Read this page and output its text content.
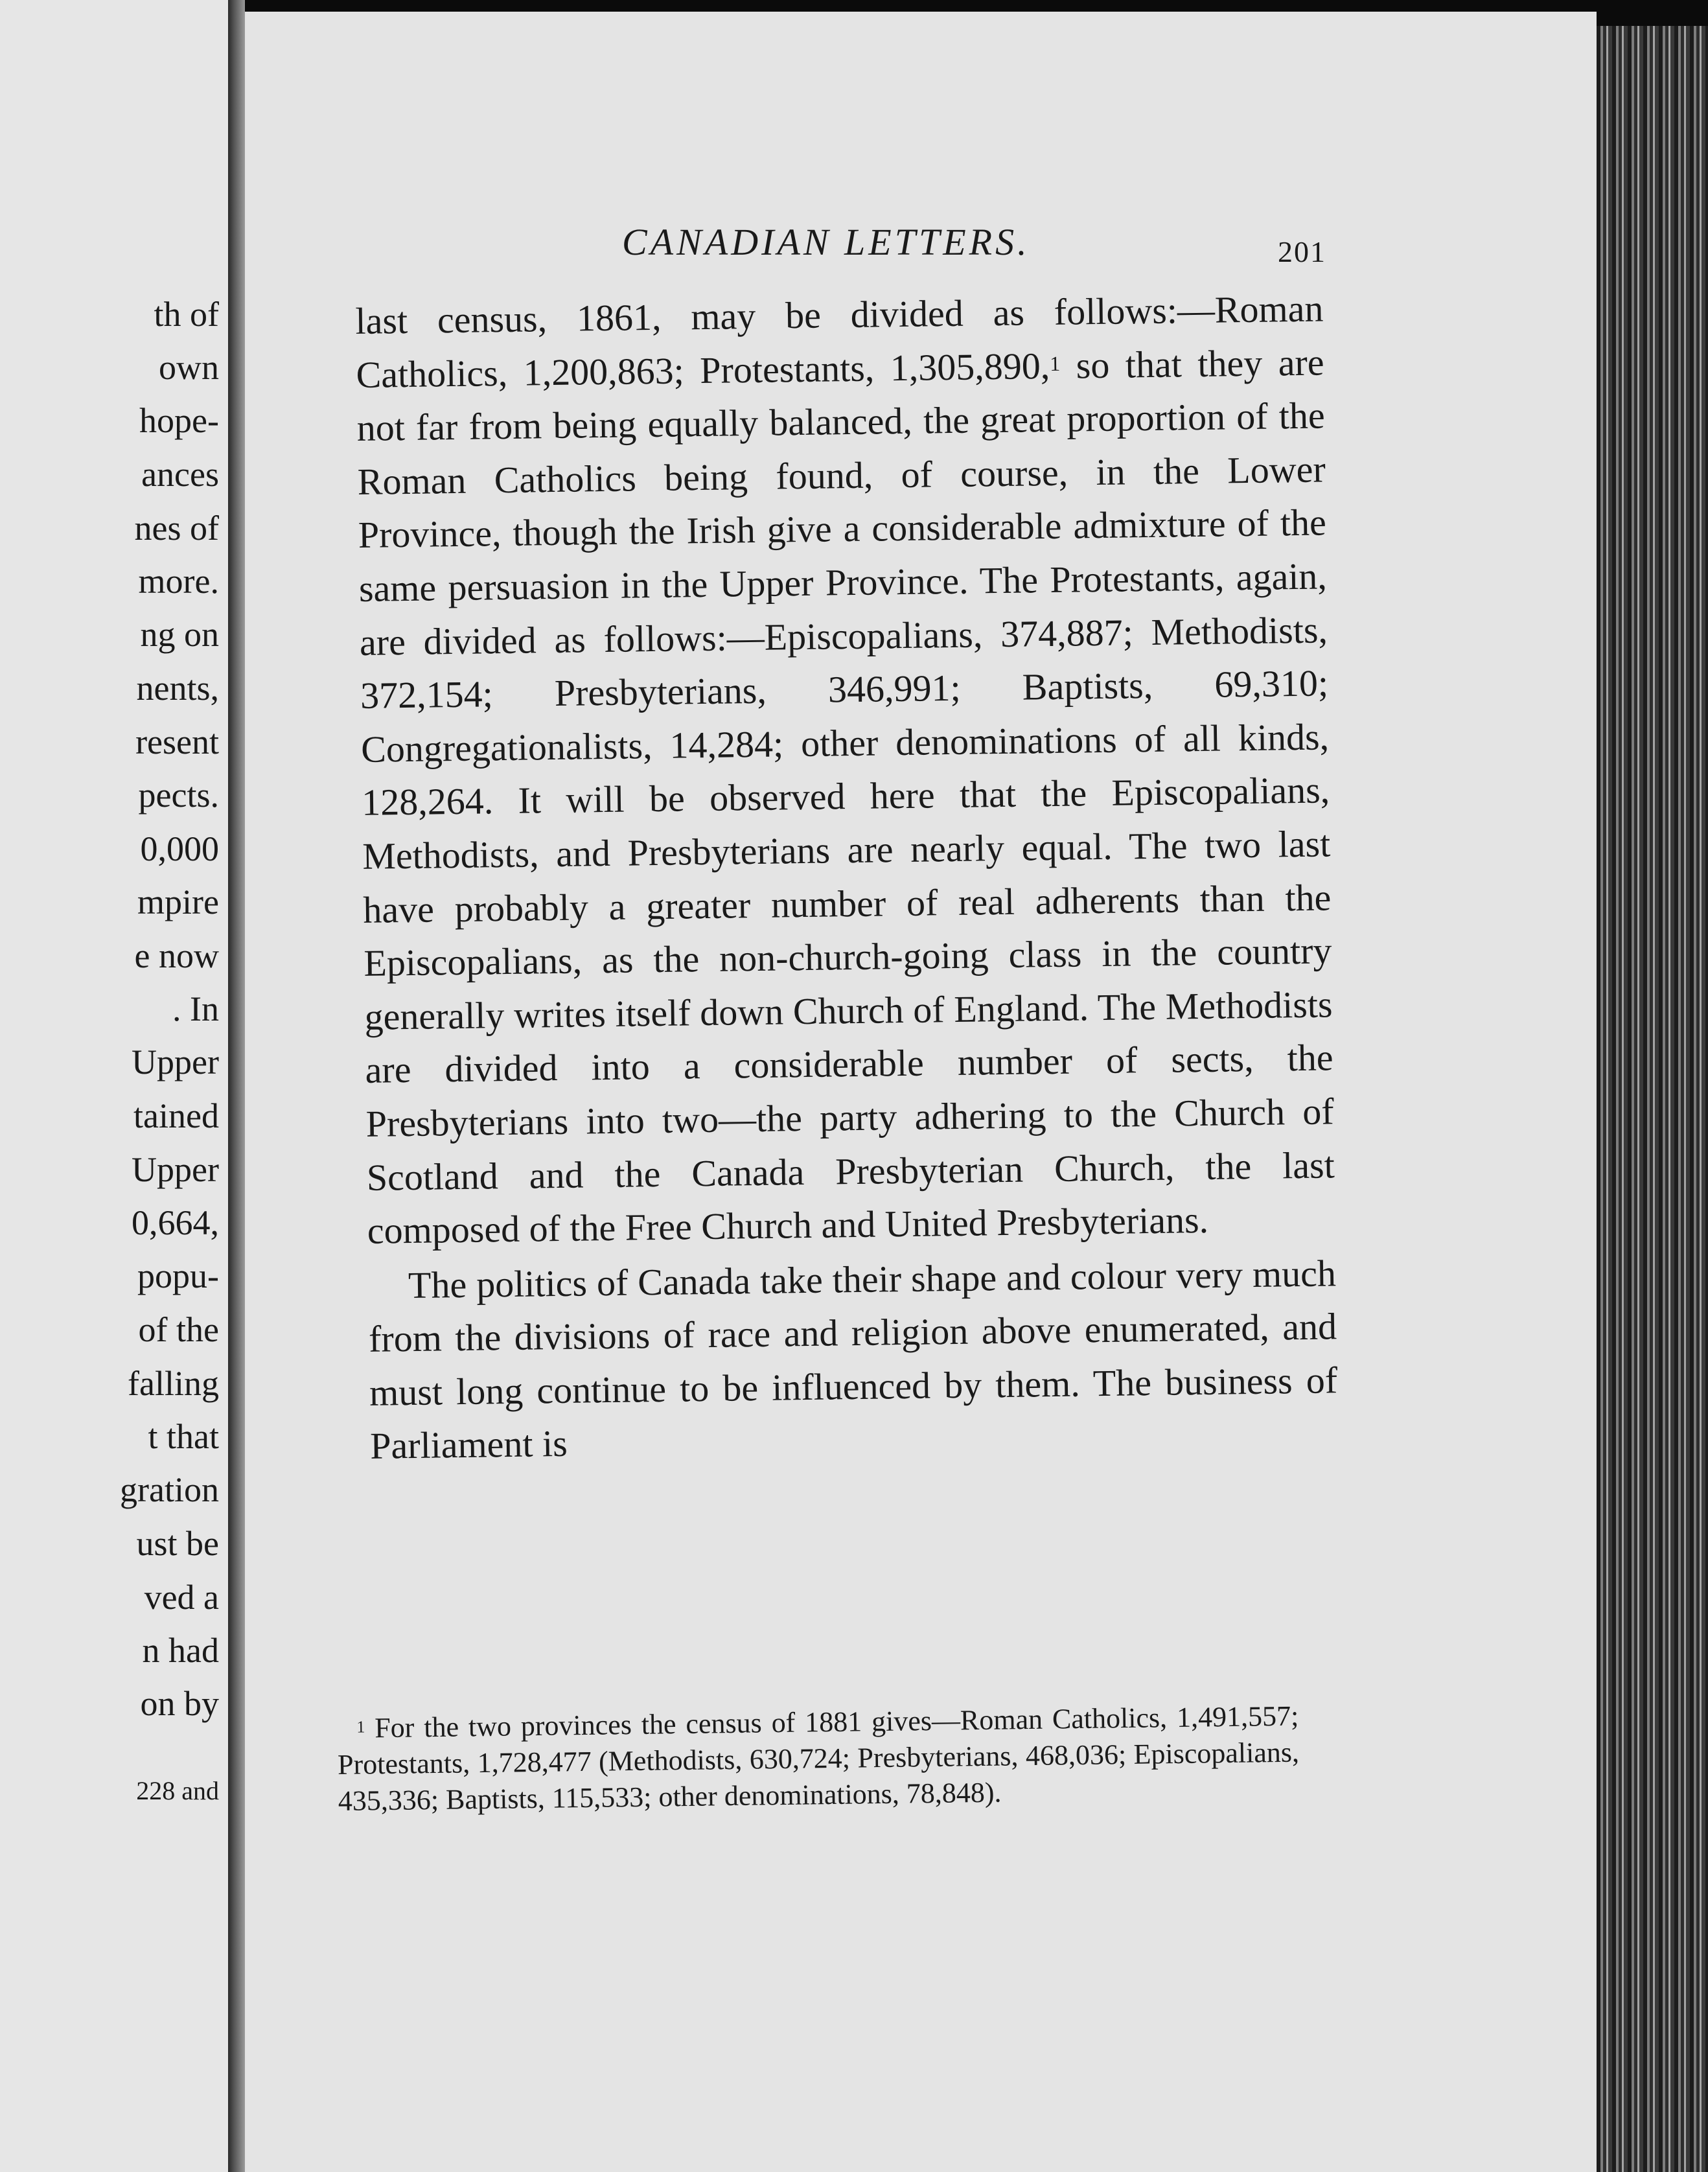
th of
own
hope-
ances
nes of
more.
ng on
nents,
resent
pects.
0,000
mpire
e now
. In
Upper
tained
Upper
0,664,
popu-
of the
falling
t that
gration
ust be
ved a
n had
on by
228 and
CANADIAN LETTERS.	201

last census, 1861, may be divided as follows:—Roman Catholics, 1,200,863; Protestants, 1,305,890,$^1$ so that they are not far from being equally balanced, the great proportion of the Roman Catholics being found, of course, in the Lower Province, though the Irish give a considerable admixture of the same persuasion in the Upper Province. The Protestants, again, are divided as follows:—Episcopalians, 374,887; Methodists, 372,154; Presbyterians, 346,991; Baptists, 69,310; Congregationalists, 14,284; other denominations of all kinds, 128,264. It will be observed here that the Episcopalians, Methodists, and Presbyterians are nearly equal. The two last have probably a greater number of real adherents than the Episcopalians, as the non-church-going class in the country generally writes itself down Church of England. The Methodists are divided into a considerable number of sects, the Presbyterians into two—the party adhering to the Church of Scotland and the Canada Presbyterian Church, the last composed of the Free Church and United Presbyterians.

The politics of Canada take their shape and colour very much from the divisions of race and religion above enumerated, and must long continue to be influenced by them. The business of Parliament is

$^1$ For the two provinces the census of 1881 gives—Roman Catholics, 1,491,557; Protestants, 1,728,477 (Methodists, 630,724; Presbyterians, 468,036; Episcopalians, 435,336; Baptists, 115,533; other denominations, 78,848).
